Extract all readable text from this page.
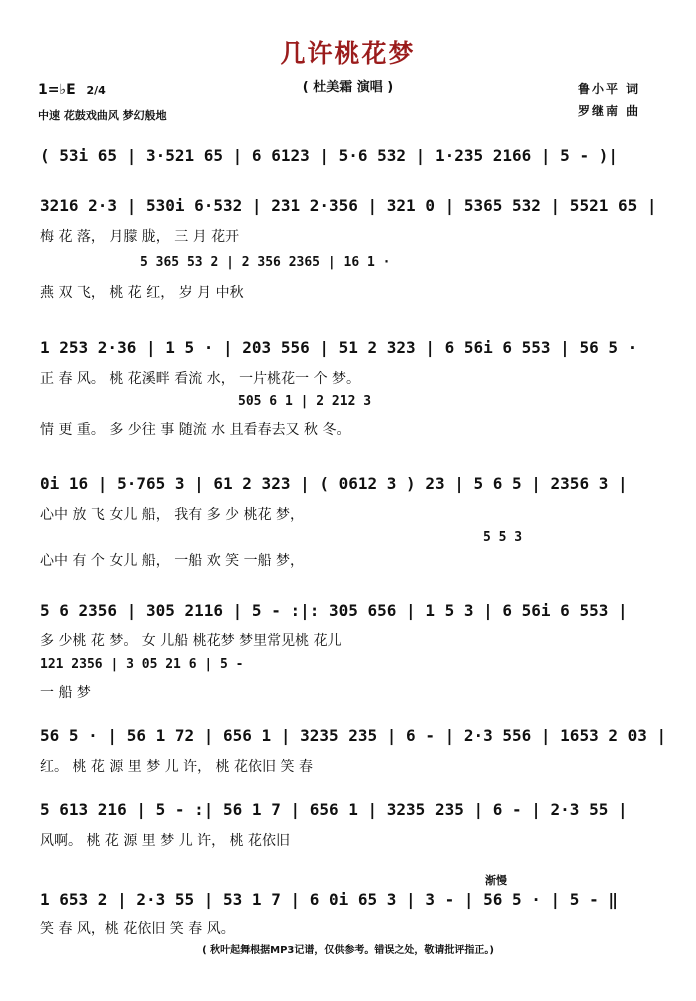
几许桃花梦
( 杜美霜 演唱 )	鲁小平 词
罗继南 曲
1=♭E 2/4
中速 花鼓戏曲风 梦幻般地
( 53i 65 | 3·521 65 | 6 6123 | 5·6 532 | 1·235 2166 | 5 - )|
3216 2·3 | 530i 6·532 | 231 2·356 | 321 0 | 5365 532 | 5521 65 |
梅 花 落， 月朦 胧， 三 月 花开
5 365 53 2 | 2 356 2365 | 16 1 ·
燕 双 飞， 桃 花 红， 岁 月 中秋
1 253 2·36 | 1 5 · | 203 556 | 51 2 323 | 6 56i 6 553 | 56 5 ·
正 春 风。 桃 花溪畔 看流 水， 一片桃花一 个 梦。
505 6 1 | 2 212 3
情 更 重。 多 少往 事 随流 水 且看春去又 秋 冬。
0i 16 | 5·765 3 | 61 2 323 | ( 0612 3 ) 23 | 5 6 5 | 2356 3 |
心中 放 飞 女儿 船， 我有 多 少 桃花 梦，
5 5 3
心中 有 个 女儿 船， 一船 欢 笑 一船 梦，
5 6 2356 | 305 2116 | 5 - :|: 305 656 | 1 5 3 | 6 56i 6 553 |
多 少桃 花 梦。 女 儿船 桃花梦 梦里常见桃 花儿
121 2356 | 3 05 21 6 | 5 -
一 船 梦
56 5 · | 56 1 72 | 656 1 | 3235 235 | 6 - | 2·3 556 | 1653 2 03 |
红。 桃 花 源 里 梦 儿 许， 桃 花依旧 笑 春
5 613 216 | 5 - :| 56 1 7 | 656 1 | 3235 235 | 6 - | 2·3 55 |
风啊。 桃 花 源 里 梦 儿 许， 桃 花依旧
渐慢
1 653 2 | 2·3 55 | 53 1 7 | 6 0i 65 3 | 3 - | 56 5 · | 5 - ‖
笑 春 风，桃 花依旧 笑 春 风。
( 秋叶起舞根据MP3记谱，仅供参考。错误之处，敬请批评指正。)
